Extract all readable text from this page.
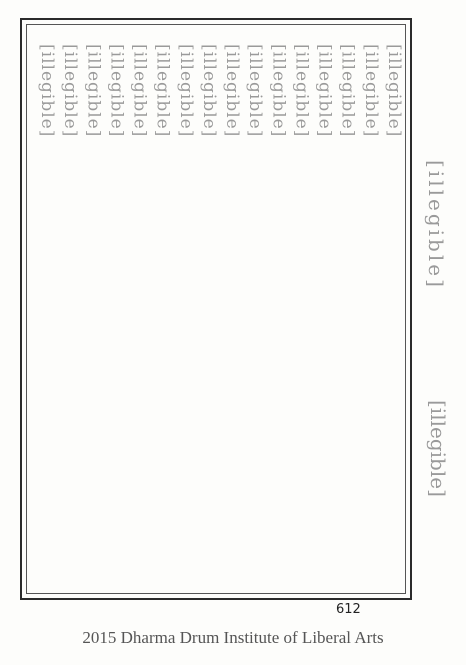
[illegible]
[illegible]
[illegible]
[illegible]
[illegible]
[illegible]
[illegible]
[illegible]
[illegible]
[illegible]
[illegible]
[illegible]
[illegible]
[illegible]
[illegible]
[illegible]
[illegible]
[illegible]
612
2015 Dharma Drum Institute of Liberal Arts
